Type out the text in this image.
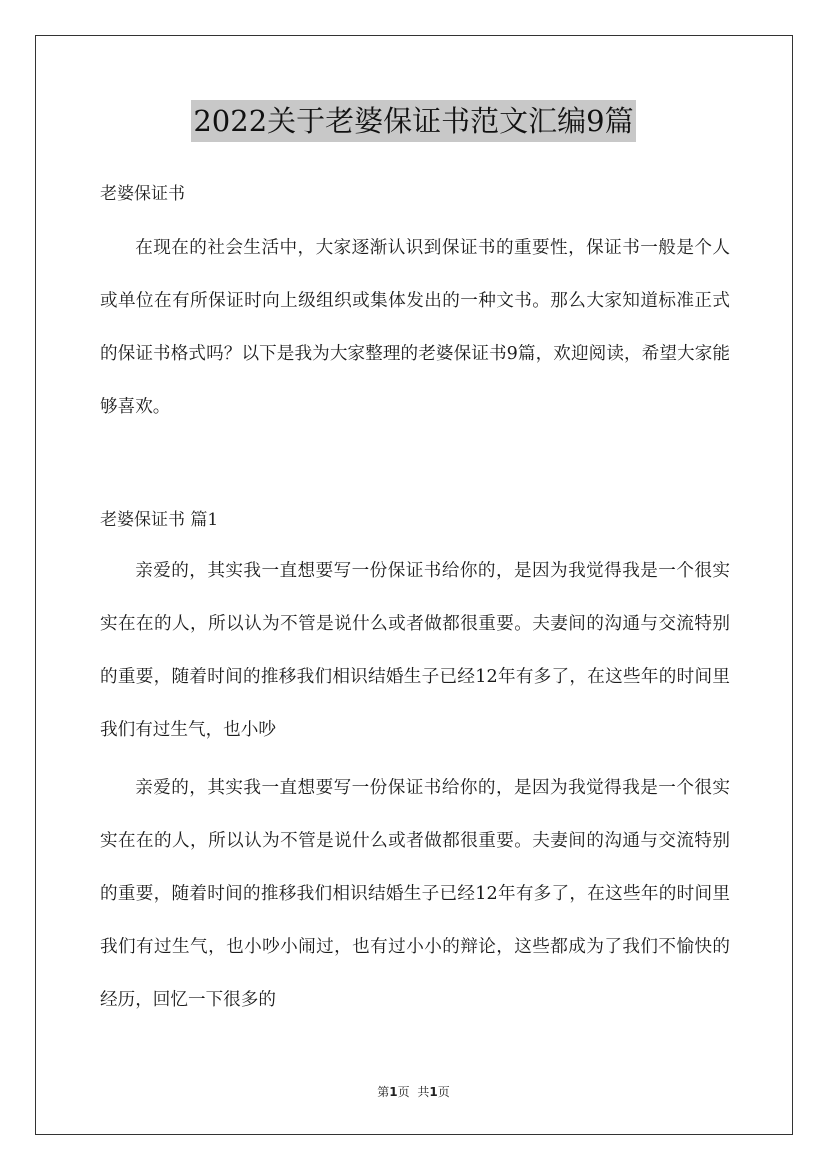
2022关于老婆保证书范文汇编9篇
老婆保证书

在现在的社会生活中，大家逐渐认识到保证书的重要性，保证书一般是个人或单位在有所保证时向上级组织或集体发出的一种文书。那么大家知道标准正式的保证书格式吗？以下是我为大家整理的老婆保证书9篇，欢迎阅读，希望大家能够喜欢。

老婆保证书 篇1

亲爱的，其实我一直想要写一份保证书给你的，是因为我觉得我是一个很实实在在的人，所以认为不管是说什么或者做都很重要。夫妻间的沟通与交流特别的重要，随着时间的推移我们相识结婚生子已经12年有多了，在这些年的时间里我们有过生气，也小吵

亲爱的，其实我一直想要写一份保证书给你的，是因为我觉得我是一个很实实在在的人，所以认为不管是说什么或者做都很重要。夫妻间的沟通与交流特别的重要，随着时间的推移我们相识结婚生子已经12年有多了，在这些年的时间里我们有过生气，也小吵小闹过，也有过小小的辩论，这些都成为了我们不愉快的经历，回忆一下很多的

第1页 共1页
